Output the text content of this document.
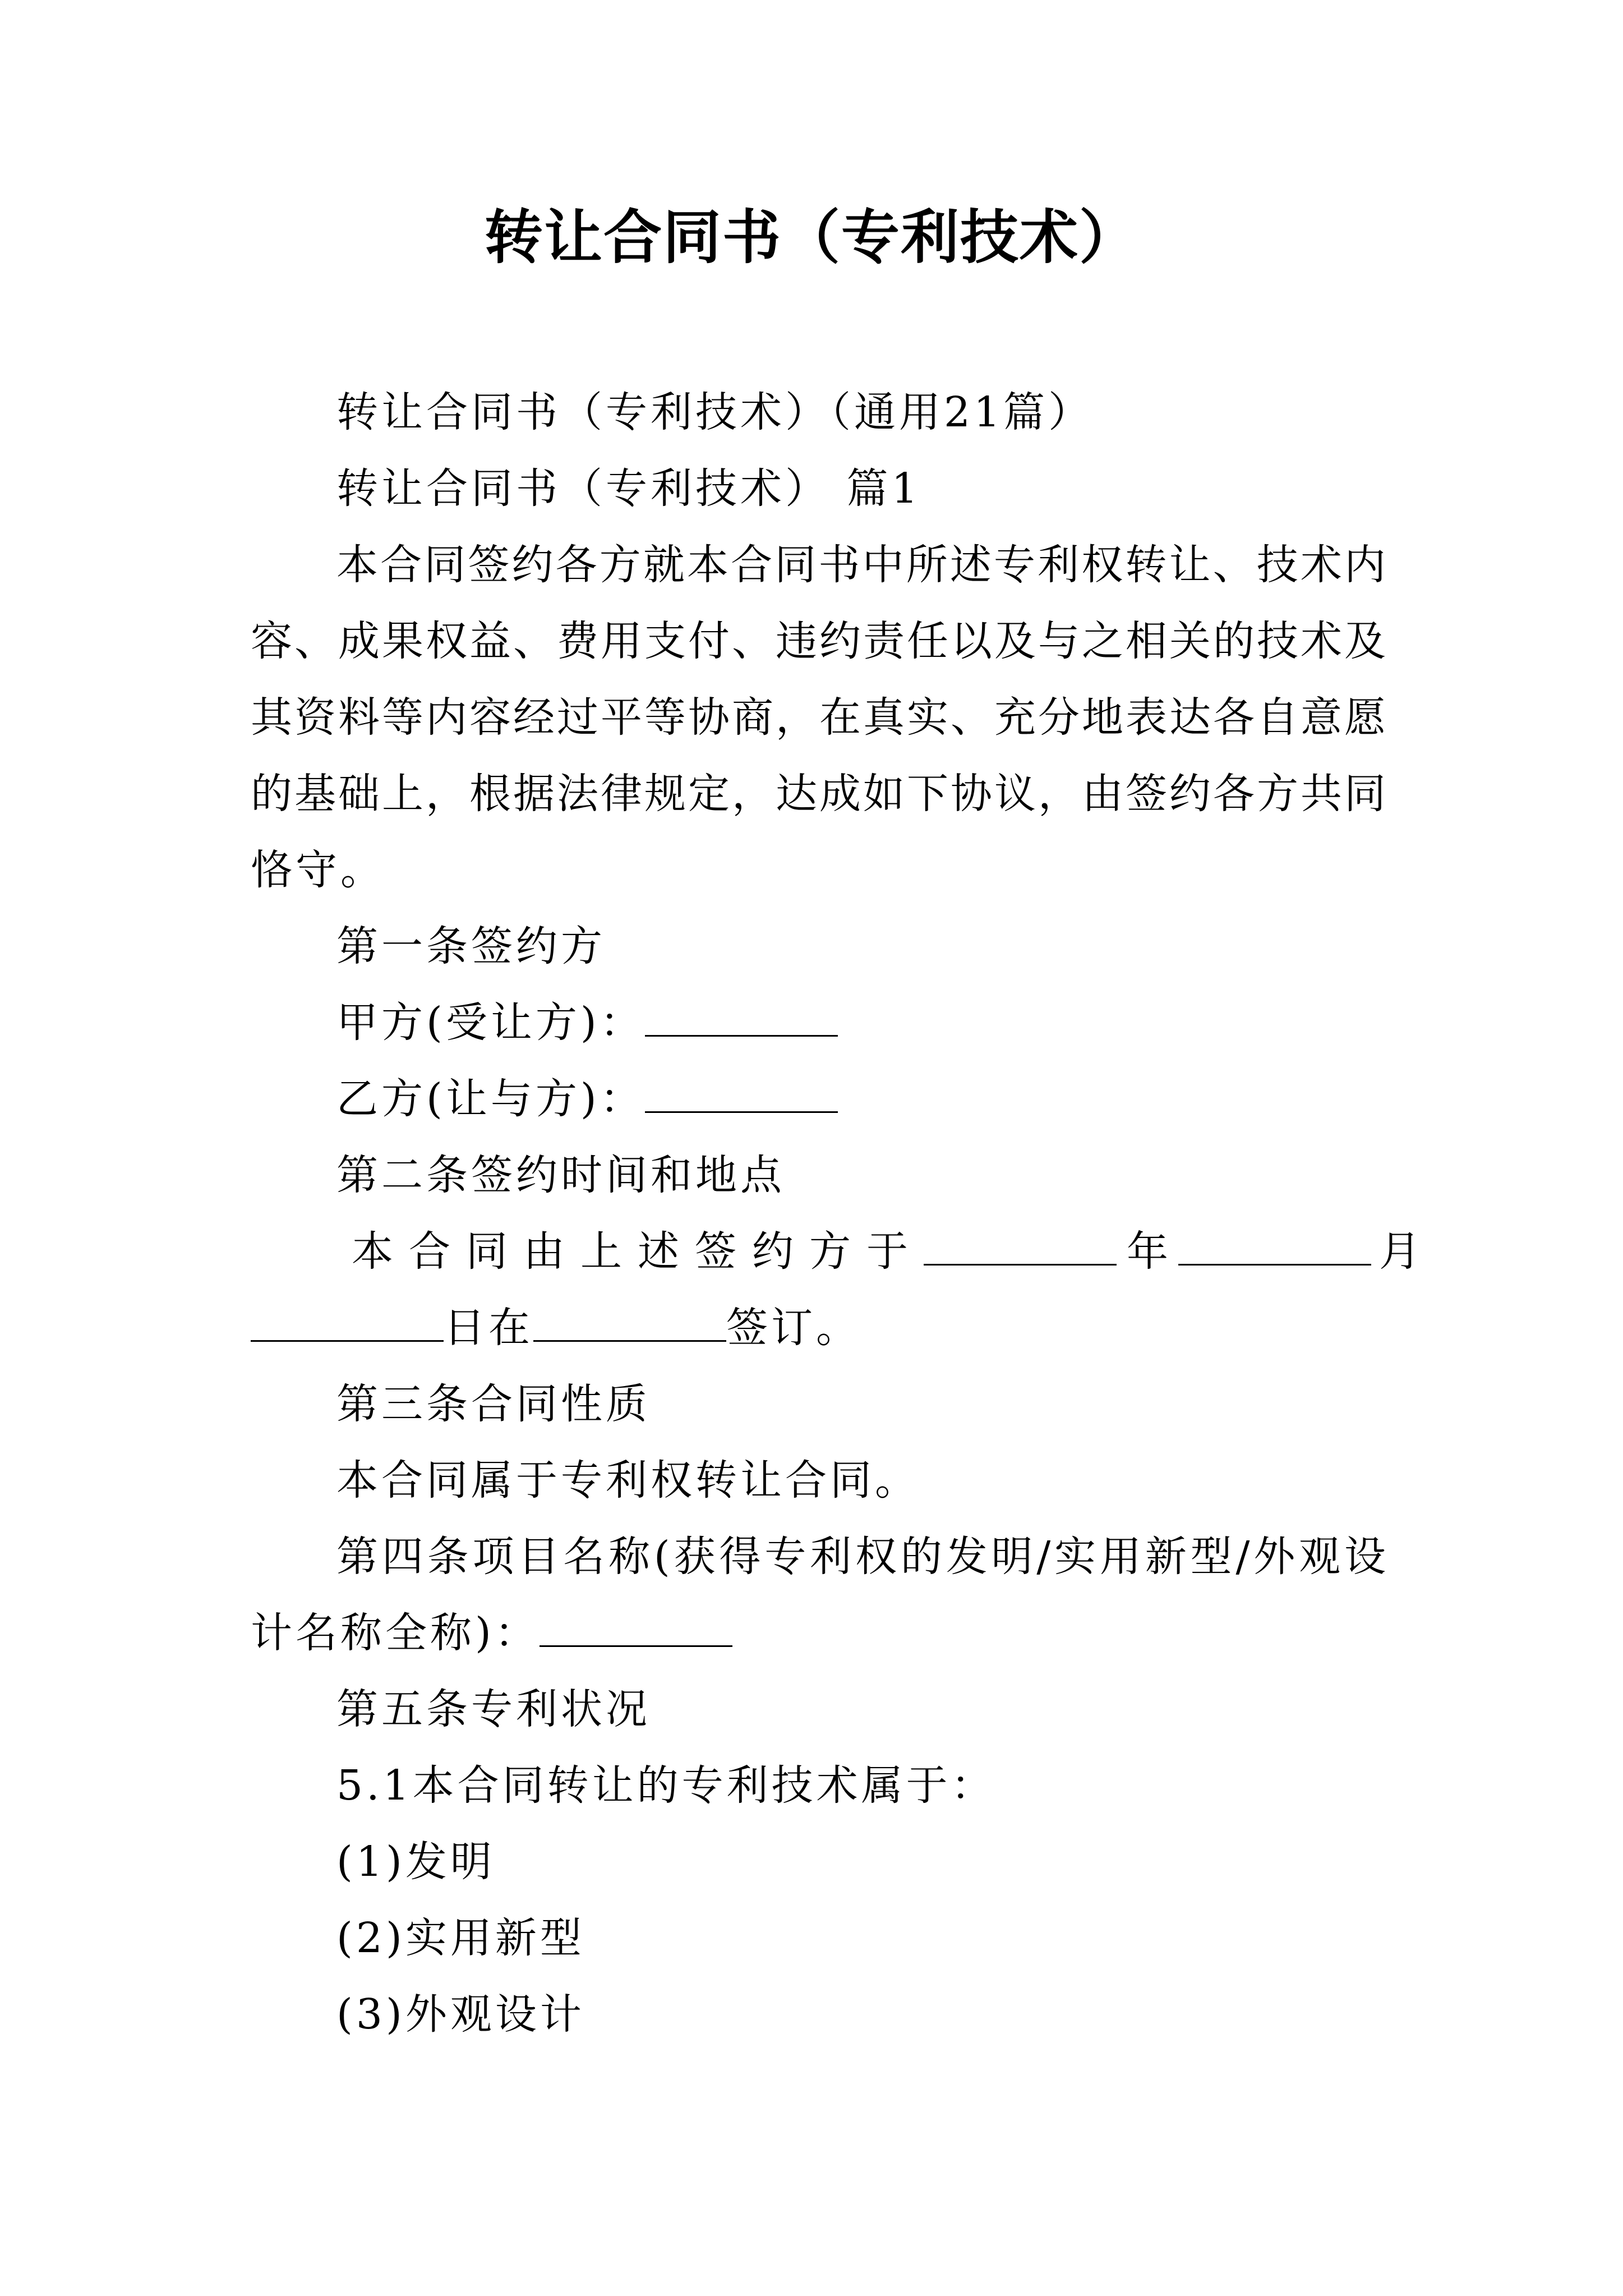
转让合同书（专利技术）
转让合同书（专利技术）（通用21篇）
转让合同书（专利技术） 篇1
本合同签约各方就本合同书中所述专利权转让、技术内
容、成果权益、费用支付、违约责任以及与之相关的技术及
其资料等内容经过平等协商，在真实、充分地表达各自意愿
的基础上，根据法律规定，达成如下协议，由签约各方共同
恪守。
第一条签约方
甲方(受让方)：
乙方(让与方)：
第二条签约时间和地点
本合同由上述签约方于	年	月
日在	签订。
第三条合同性质
本合同属于专利权转让合同。
第四条项目名称(获得专利权的发明/实用新型/外观设
计名称全称)：
第五条专利状况
5.1本合同转让的专利技术属于：
(1)发明
(2)实用新型
(3)外观设计
